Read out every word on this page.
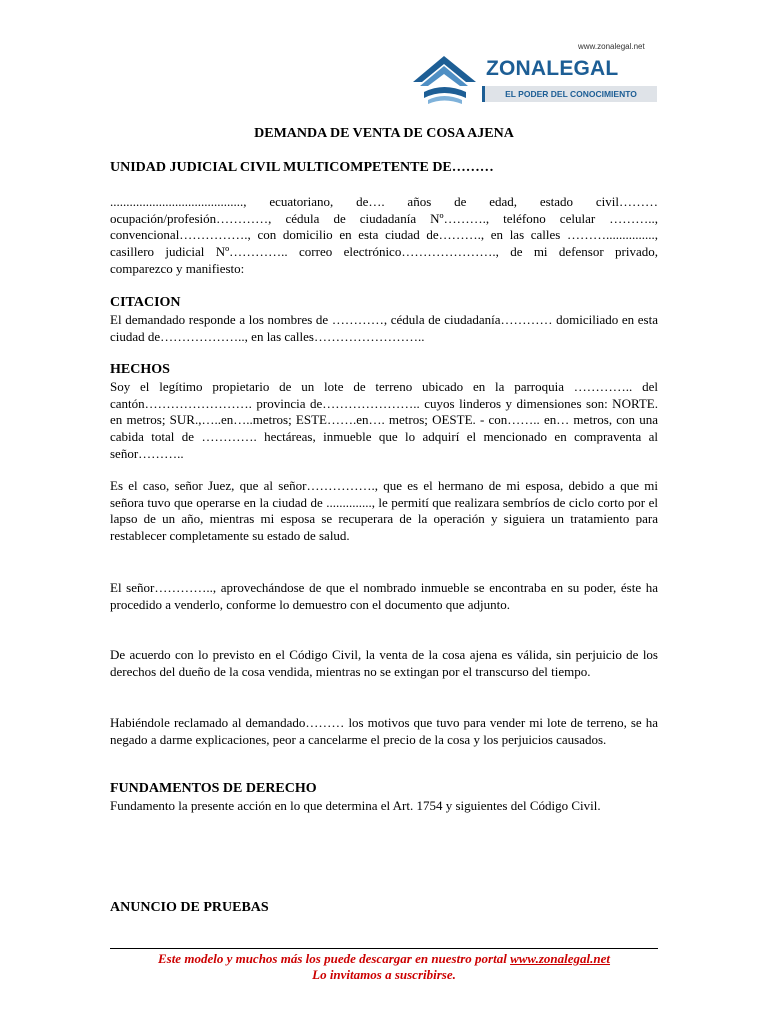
www.zonalegal.net
ZONALEGAL
EL PODER DEL CONOCIMIENTO
DEMANDA DE VENTA DE COSA AJENA

UNIDAD JUDICIAL CIVIL MULTICOMPETENTE DE………

........................................., ecuatoriano, de…. años de edad, estado civil……… ocupación/profesión…………, cédula de ciudadanía Nº………., teléfono celular ……….., convencional……………., con domicilio en esta ciudad de………., en las calles ………..............., casillero judicial Nº………….. correo electrónico…………………., de mi defensor privado, comparezco y manifiesto:

CITACION

El demandado responde a los nombres de …………, cédula de ciudadanía………… domiciliado en esta ciudad de……………….., en las calles……………………..

HECHOS

Soy el legítimo propietario de un lote de terreno ubicado en la parroquia ………….. del cantón……………………. provincia de………………….. cuyos linderos y dimensiones son: NORTE. en metros; SUR.,…..en…..metros; ESTE…….en…. metros; OESTE. - con…….. en… metros, con una cabida total de …………. hectáreas, inmueble que lo adquirí el mencionado en compraventa al señor………..

Es el caso, señor Juez, que al señor……………., que es el hermano de mi esposa, debido a que mi señora tuvo que operarse en la ciudad de .............., le permití que realizara sembríos de ciclo corto por el lapso de un año, mientras mi esposa se recuperara de la operación y siguiera un tratamiento para restablecer completamente su estado de salud.

El señor………….., aprovechándose de que el nombrado inmueble se encontraba en su poder, éste ha procedido a venderlo, conforme lo demuestro con el documento que adjunto.

De acuerdo con lo previsto en el Código Civil, la venta de la cosa ajena es válida, sin perjuicio de los derechos del dueño de la cosa vendida, mientras no se extingan por el transcurso del tiempo.

Habiéndole reclamado al demandado……… los motivos que tuvo para vender mi lote de terreno, se ha negado a darme explicaciones, peor a cancelarme el precio de la cosa y los perjuicios causados.

FUNDAMENTOS DE DERECHO

Fundamento la presente acción en lo que determina el Art. 1754 y siguientes del Código Civil.

ANUNCIO DE PRUEBAS
Este modelo y muchos más los puede descargar en nuestro portal www.zonalegal.net
Lo invitamos a suscribirse.
